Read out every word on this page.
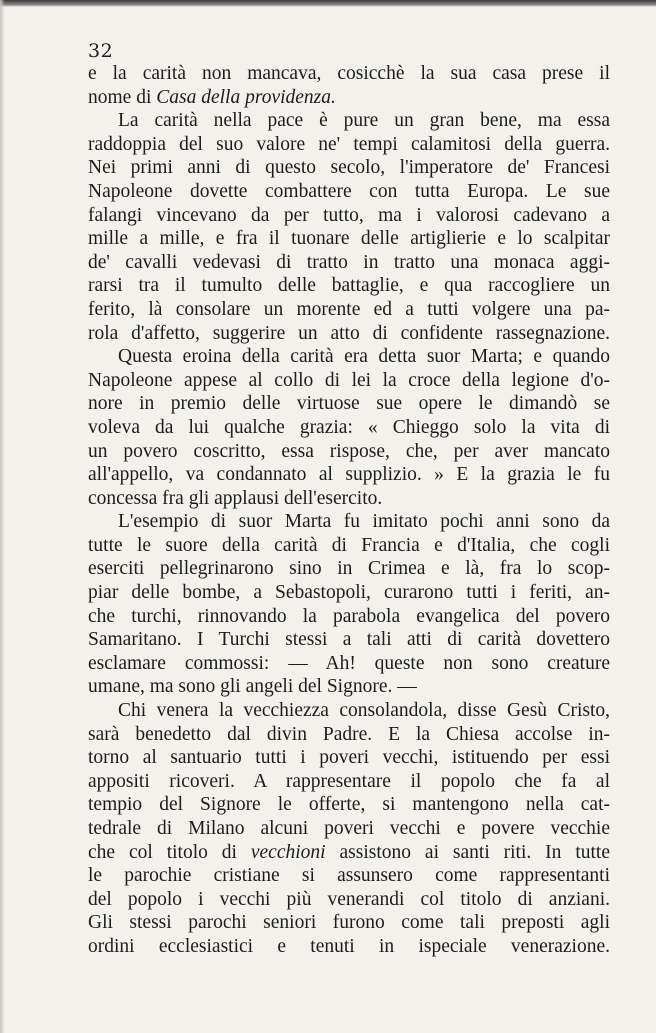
32
e la carità non mancava, cosicchè la sua casa prese il
nome di Casa della providenza.
La carità nella pace è pure un gran bene, ma essa
raddoppia del suo valore ne' tempi calamitosi della guerra.
Nei primi anni di questo secolo, l'imperatore de' Francesi
Napoleone dovette combattere con tutta Europa. Le sue
falangi vincevano da per tutto, ma i valorosi cadevano a
mille a mille, e fra il tuonare delle artiglierie e lo scalpitar
de' cavalli vedevasi di tratto in tratto una monaca aggi-
rarsi tra il tumulto delle battaglie, e qua raccogliere un
ferito, là consolare un morente ed a tutti volgere una pa-
rola d'affetto, suggerire un atto di confidente rassegnazione.
Questa eroina della carità era detta suor Marta; e quando
Napoleone appese al collo di lei la croce della legione d'o-
nore in premio delle virtuose sue opere le dimandò se
voleva da lui qualche grazia: « Chieggo solo la vita di
un povero coscritto, essa rispose, che, per aver mancato
all'appello, va condannato al supplizio. » E la grazia le fu
concessa fra gli applausi dell'esercito.
L'esempio di suor Marta fu imitato pochi anni sono da
tutte le suore della carità di Francia e d'Italia, che cogli
eserciti pellegrinarono sino in Crimea e là, fra lo scop-
piar delle bombe, a Sebastopoli, curarono tutti i feriti, an-
che turchi, rinnovando la parabola evangelica del povero
Samaritano. I Turchi stessi a tali atti di carità dovettero
esclamare commossi: — Ah! queste non sono creature
umane, ma sono gli angeli del Signore. —
Chi venera la vecchiezza consolandola, disse Gesù Cristo,
sarà benedetto dal divin Padre. E la Chiesa accolse in-
torno al santuario tutti i poveri vecchi, istituendo per essi
appositi ricoveri. A rappresentare il popolo che fa al
tempio del Signore le offerte, si mantengono nella cat-
tedrale di Milano alcuni poveri vecchi e povere vecchie
che col titolo di vecchioni assistono ai santi riti. In tutte
le parochie cristiane si assunsero come rappresentanti
del popolo i vecchi più venerandi col titolo di anziani.
Gli stessi parochi seniori furono come tali preposti agli
ordini ecclesiastici e tenuti in ispeciale venerazione.
